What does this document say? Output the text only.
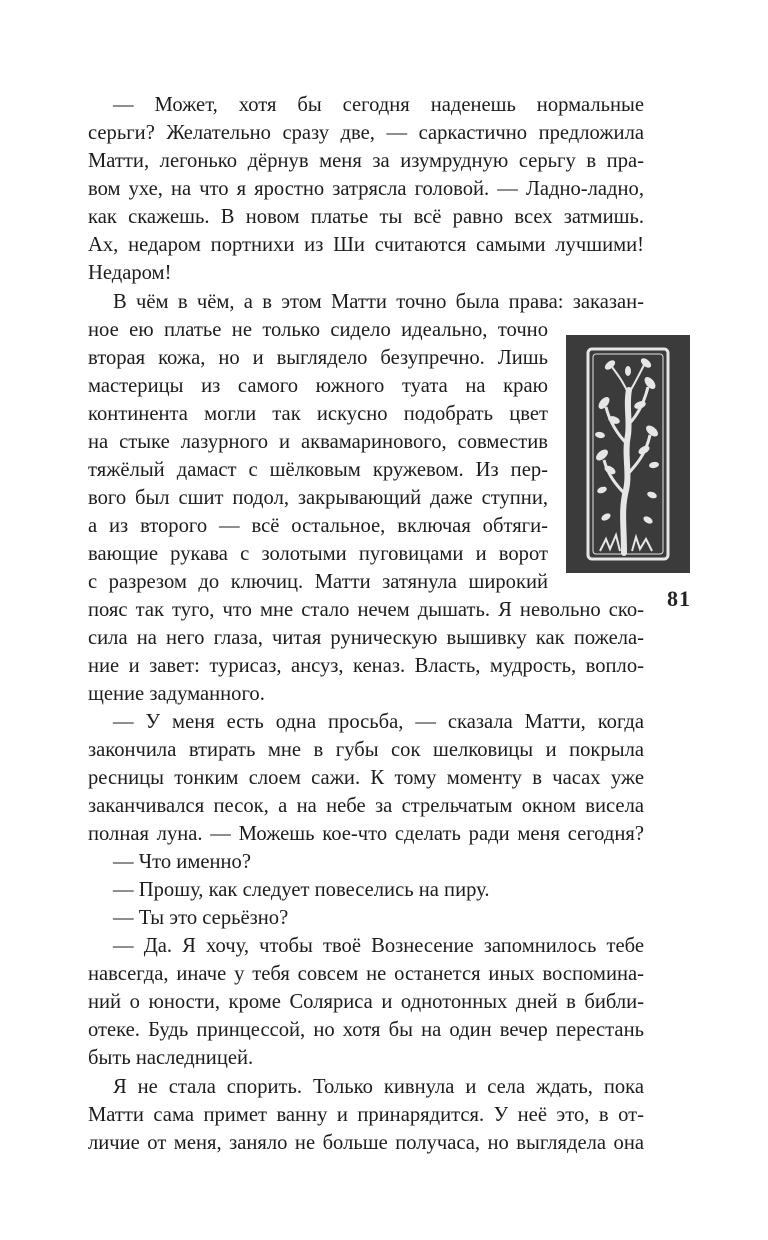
— Может, хотя бы сегодня наденешь нормальные
серьги? Желательно сразу две, — саркастично предложила
Матти, легонько дёрнув меня за изумрудную серьгу в пра-
вом ухе, на что я яростно затрясла головой. — Ладно-ладно,
как скажешь. В новом платье ты всё равно всех затмишь.
Ах, недаром портнихи из Ши считаются самыми лучшими!
Недаром!
В чём в чём, а в этом Матти точно была права: заказан-
ное ею платье не только сидело идеально, точно
вторая кожа, но и выглядело безупречно. Лишь
мастерицы из самого южного туата на краю
континента могли так искусно подобрать цвет
на стыке лазурного и аквамаринового, совместив
тяжёлый дамаст с шёлковым кружевом. Из пер-
вого был сшит подол, закрывающий даже ступни,
а из второго — всё остальное, включая обтяги-
вающие рукава с золотыми пуговицами и ворот
с разрезом до ключиц. Матти затянула широкий
пояс так туго, что мне стало нечем дышать. Я невольно ско-
сила на него глаза, читая руническую вышивку как пожела-
ние и завет: турисаз, ансуз, кеназ. Власть, мудрость, вопло-
щение задуманного.
— У меня есть одна просьба, — сказала Матти, когда
закончила втирать мне в губы сок шелковицы и покрыла
ресницы тонким слоем сажи. К тому моменту в часах уже
заканчивался песок, а на небе за стрельчатым окном висела
полная луна. — Можешь кое-что сделать ради меня сегодня?
— Что именно?
— Прошу, как следует повеселись на пиру.
— Ты это серьёзно?
— Да. Я хочу, чтобы твоё Вознесение запомнилось тебе
навсегда, иначе у тебя совсем не останется иных воспомина-
ний о юности, кроме Соляриса и однотонных дней в библи-
отеке. Будь принцессой, но хотя бы на один вечер перестань
быть наследницей.
Я не стала спорить. Только кивнула и села ждать, пока
Матти сама примет ванну и принарядится. У неё это, в от-
личие от меня, заняло не больше получаса, но выглядела она
81
